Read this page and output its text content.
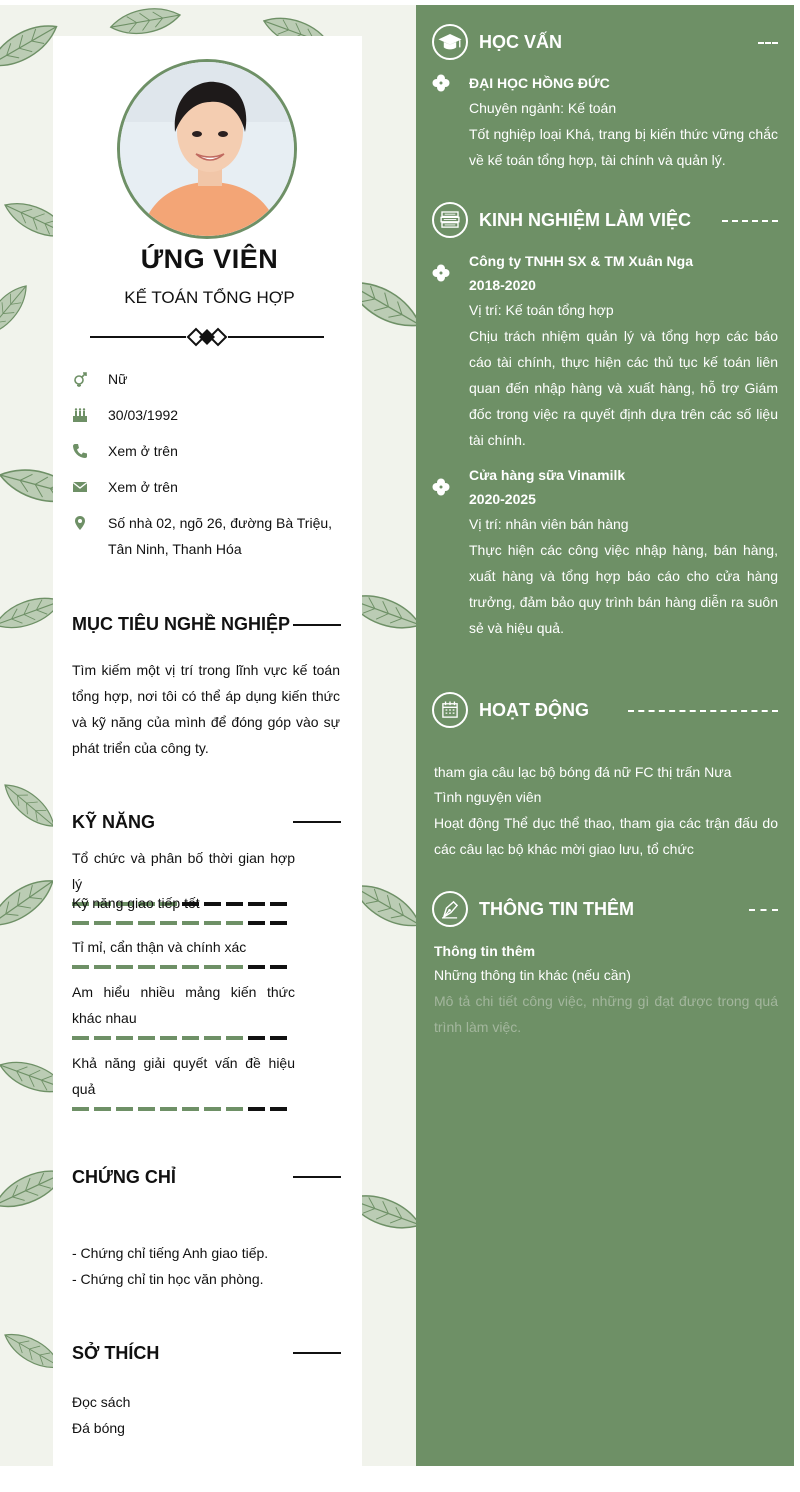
ỨNG VIÊN
KẾ TOÁN TỔNG HỢP
Nữ
30/03/1992
Xem ở trên
Xem ở trên
Số nhà 02, ngõ 26, đường Bà Triệu, Tân Ninh, Thanh Hóa
MỤC TIÊU NGHỀ NGHIỆP
Tìm kiếm một vị trí trong lĩnh vực kế toán tổng hợp, nơi tôi có thể áp dụng kiến thức và kỹ năng của mình để đóng góp vào sự phát triển của công ty.
KỸ NĂNG
Tổ chức và phân bố thời gian hợp lý
Kỹ năng giao tiếp tốt
Tỉ mỉ, cẩn thận và chính xác
Am hiểu nhiều mảng kiến thức khác nhau
Khả năng giải quyết vấn đề hiệu quả
CHỨNG CHỈ
- Chứng chỉ tiếng Anh giao tiếp.
- Chứng chỉ tin học văn phòng.
SỞ THÍCH
Đọc sách
Đá bóng
HỌC VẤN
ĐẠI HỌC HỒNG ĐỨC
Chuyên ngành: Kế toán
Tốt nghiệp loại Khá, trang bị kiến thức vững chắc về kế toán tổng hợp, tài chính và quản lý.
KINH NGHIỆM LÀM VIỆC
Công ty TNHH SX & TM Xuân Nga
2018-2020
Vị trí: Kế toán tổng hợp
Chịu trách nhiệm quản lý và tổng hợp các báo cáo tài chính, thực hiện các thủ tục kế toán liên quan đến nhập hàng và xuất hàng, hỗ trợ Giám đốc trong việc ra quyết định dựa trên các số liệu tài chính.
Cửa hàng sữa Vinamilk
2020-2025
Vị trí: nhân viên bán hàng
Thực hiện các công việc nhập hàng, bán hàng, xuất hàng và tổng hợp báo cáo cho cửa hàng trưởng, đảm bảo quy trình bán hàng diễn ra suôn sẻ và hiệu quả.
HOẠT ĐỘNG
tham gia câu lạc bộ bóng đá nữ FC thị trấn Nưa
Tình nguyện viên
Hoạt động Thể dục thể thao, tham gia các trận đấu do các câu lạc bộ khác mời giao lưu, tổ chức
THÔNG TIN THÊM
Thông tin thêm
Những thông tin khác (nếu cần)
Mô tả chi tiết công việc, những gì đạt được trong quá trình làm việc.
